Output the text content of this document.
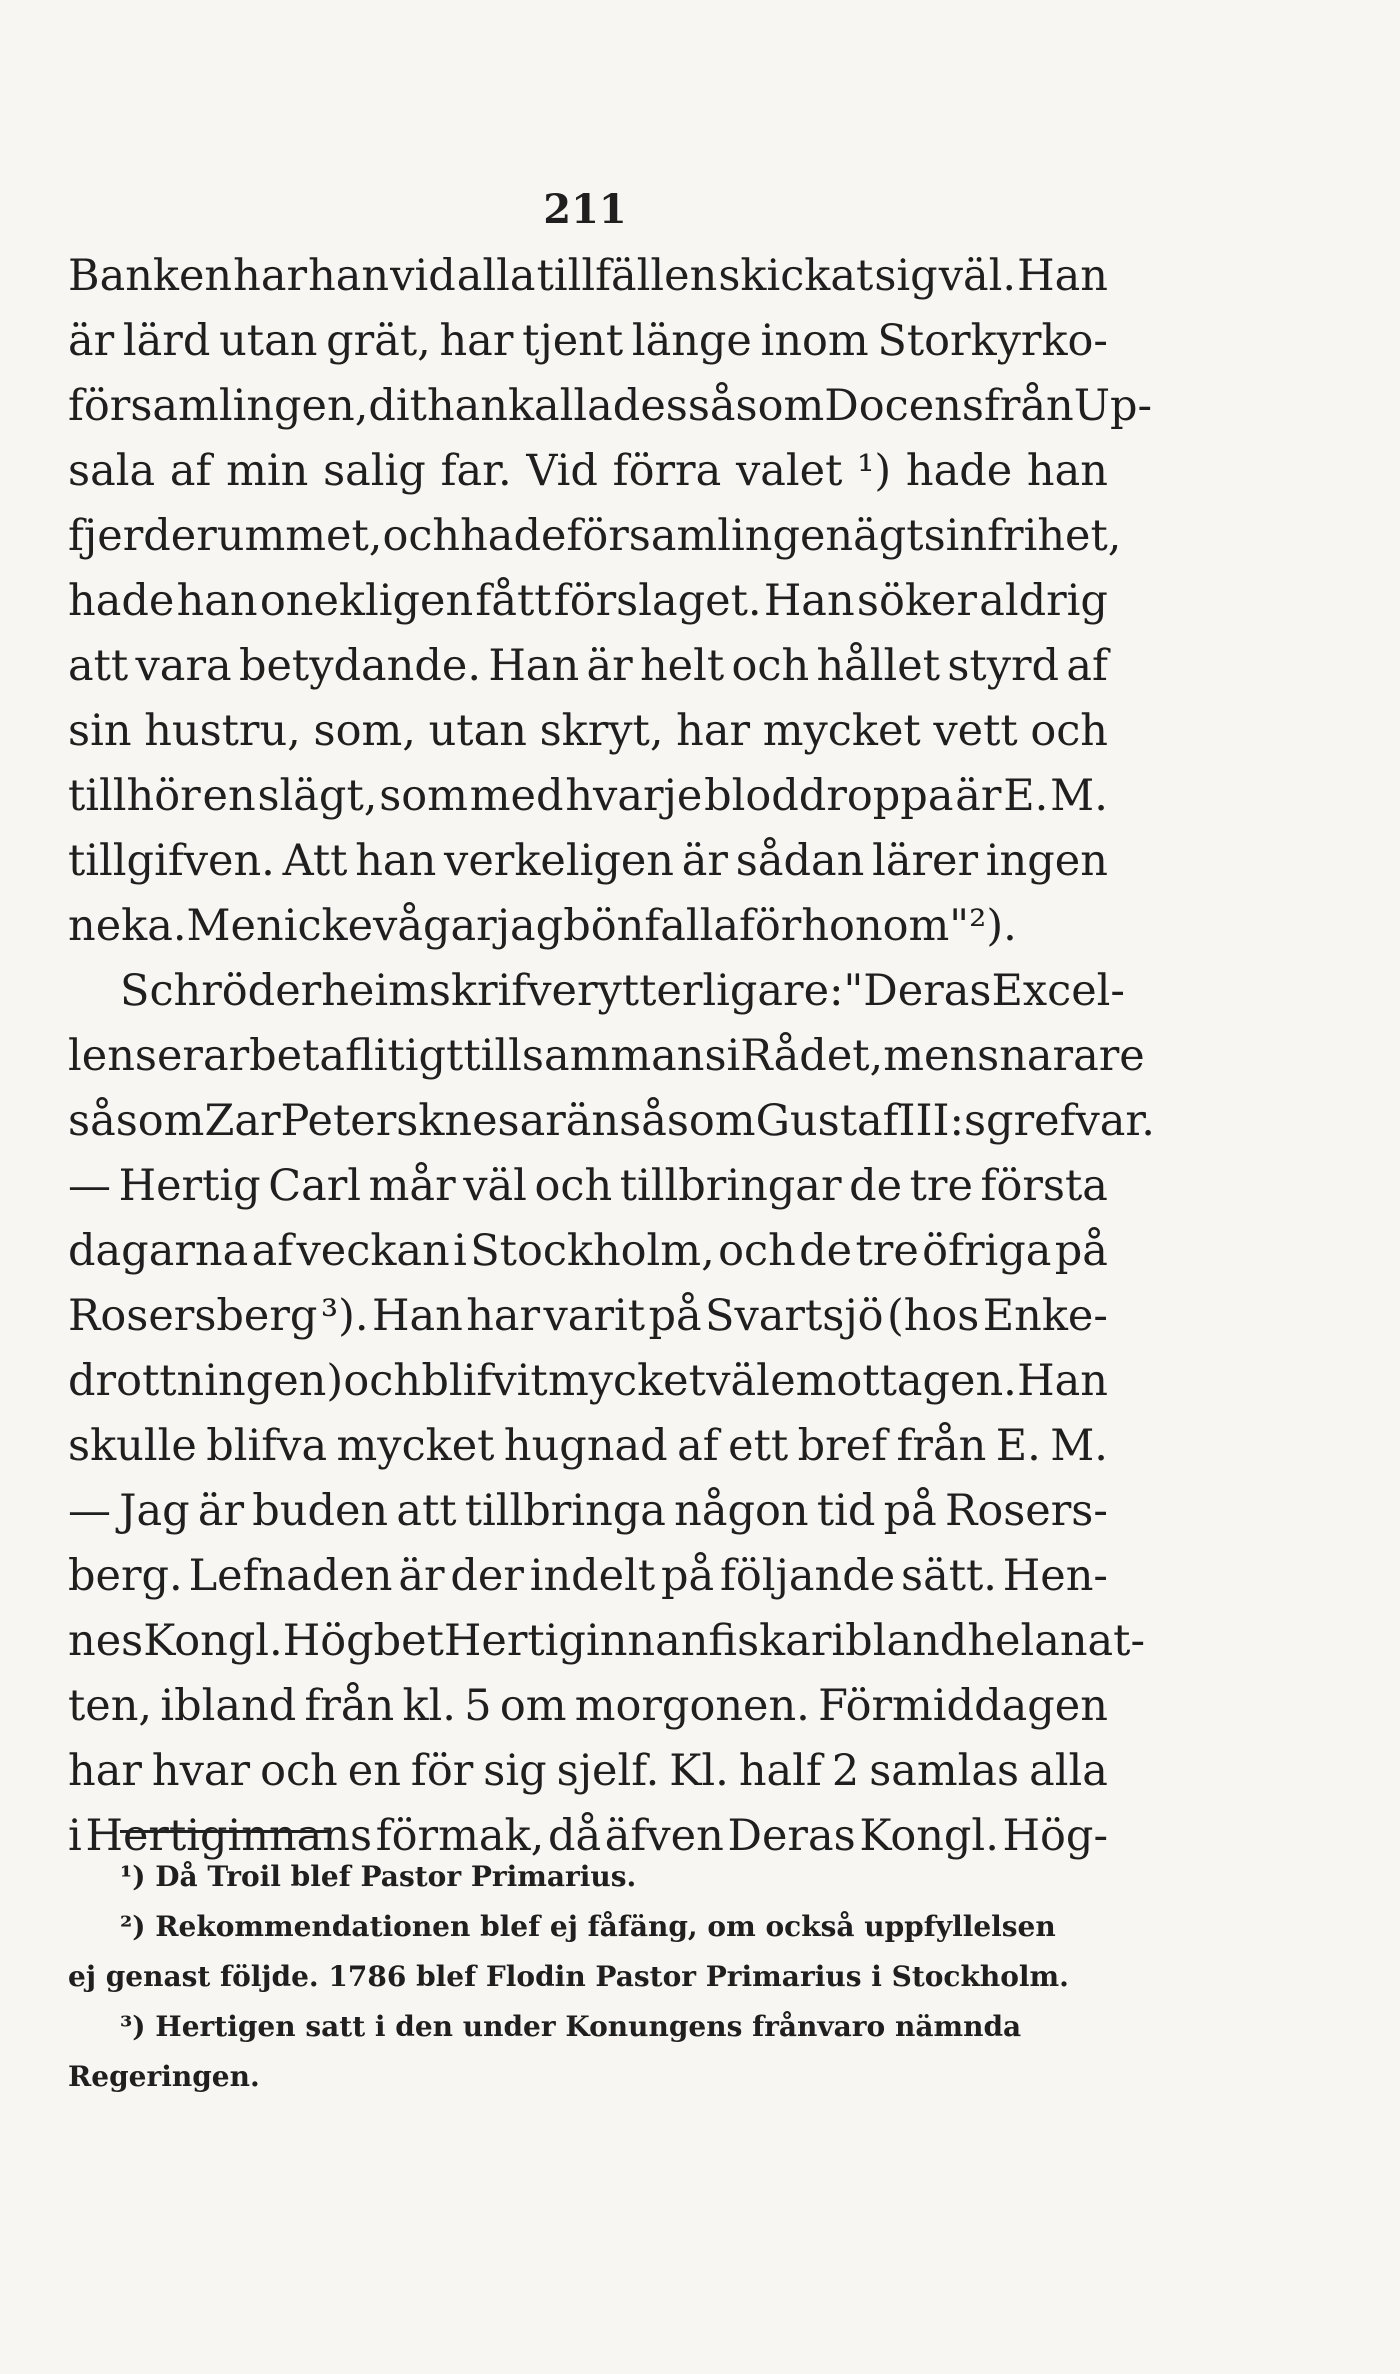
211
Banken har han vid alla tillfällen skickat sig väl. Han
är lärd utan grät, har tjent länge inom Storkyrko-
församlingen, dit han kallades såsom Docens från Up-
sala af min salig far. Vid förra valet ¹) hade han
fjerde rummet, och hade församlingen ägt sin frihet,
hade han onekligen fått förslaget. Han söker aldrig
att vara betydande. Han är helt och hållet styrd af
sin hustru, som, utan skryt, har mycket vett och
tillhör en slägt, som med hvarje bloddroppa är E. M.
tillgifven. Att han verkeligen är sådan lärer ingen
neka. Men icke vågar jag bönfalla för honom" ²).
Schröderheim skrifver ytterligare: "Deras Excel-
lenser arbeta flitigt tillsammans i Rådet, men snarare
såsom Zar Peters knesar än såsom Gustaf III:s grefvar.
— Hertig Carl mår väl och tillbringar de tre första
dagarna af veckan i Stockholm, och de tre öfriga på
Rosersberg ³). Han har varit på Svartsjö (hos Enke-
drottningen) och blifvit mycket väl emottagen. Han
skulle blifva mycket hugnad af ett bref från E. M.
— Jag är buden att tillbringa någon tid på Rosers-
berg. Lefnaden är der indelt på följande sätt. Hen-
nes Kongl. Högbet Hertiginnan fiskar ibland hela nat-
ten, ibland från kl. 5 om morgonen. Förmiddagen
har hvar och en för sig sjelf. Kl. half 2 samlas alla
i Hertiginnans förmak, då äfven Deras Kongl. Hög-
¹) Då Troil blef Pastor Primarius.
²) Rekommendationen blef ej fåfäng, om också uppfyllelsen
ej genast följde. 1786 blef Flodin Pastor Primarius i Stockholm.
³) Hertigen satt i den under Konungens frånvaro nämnda
Regeringen.
